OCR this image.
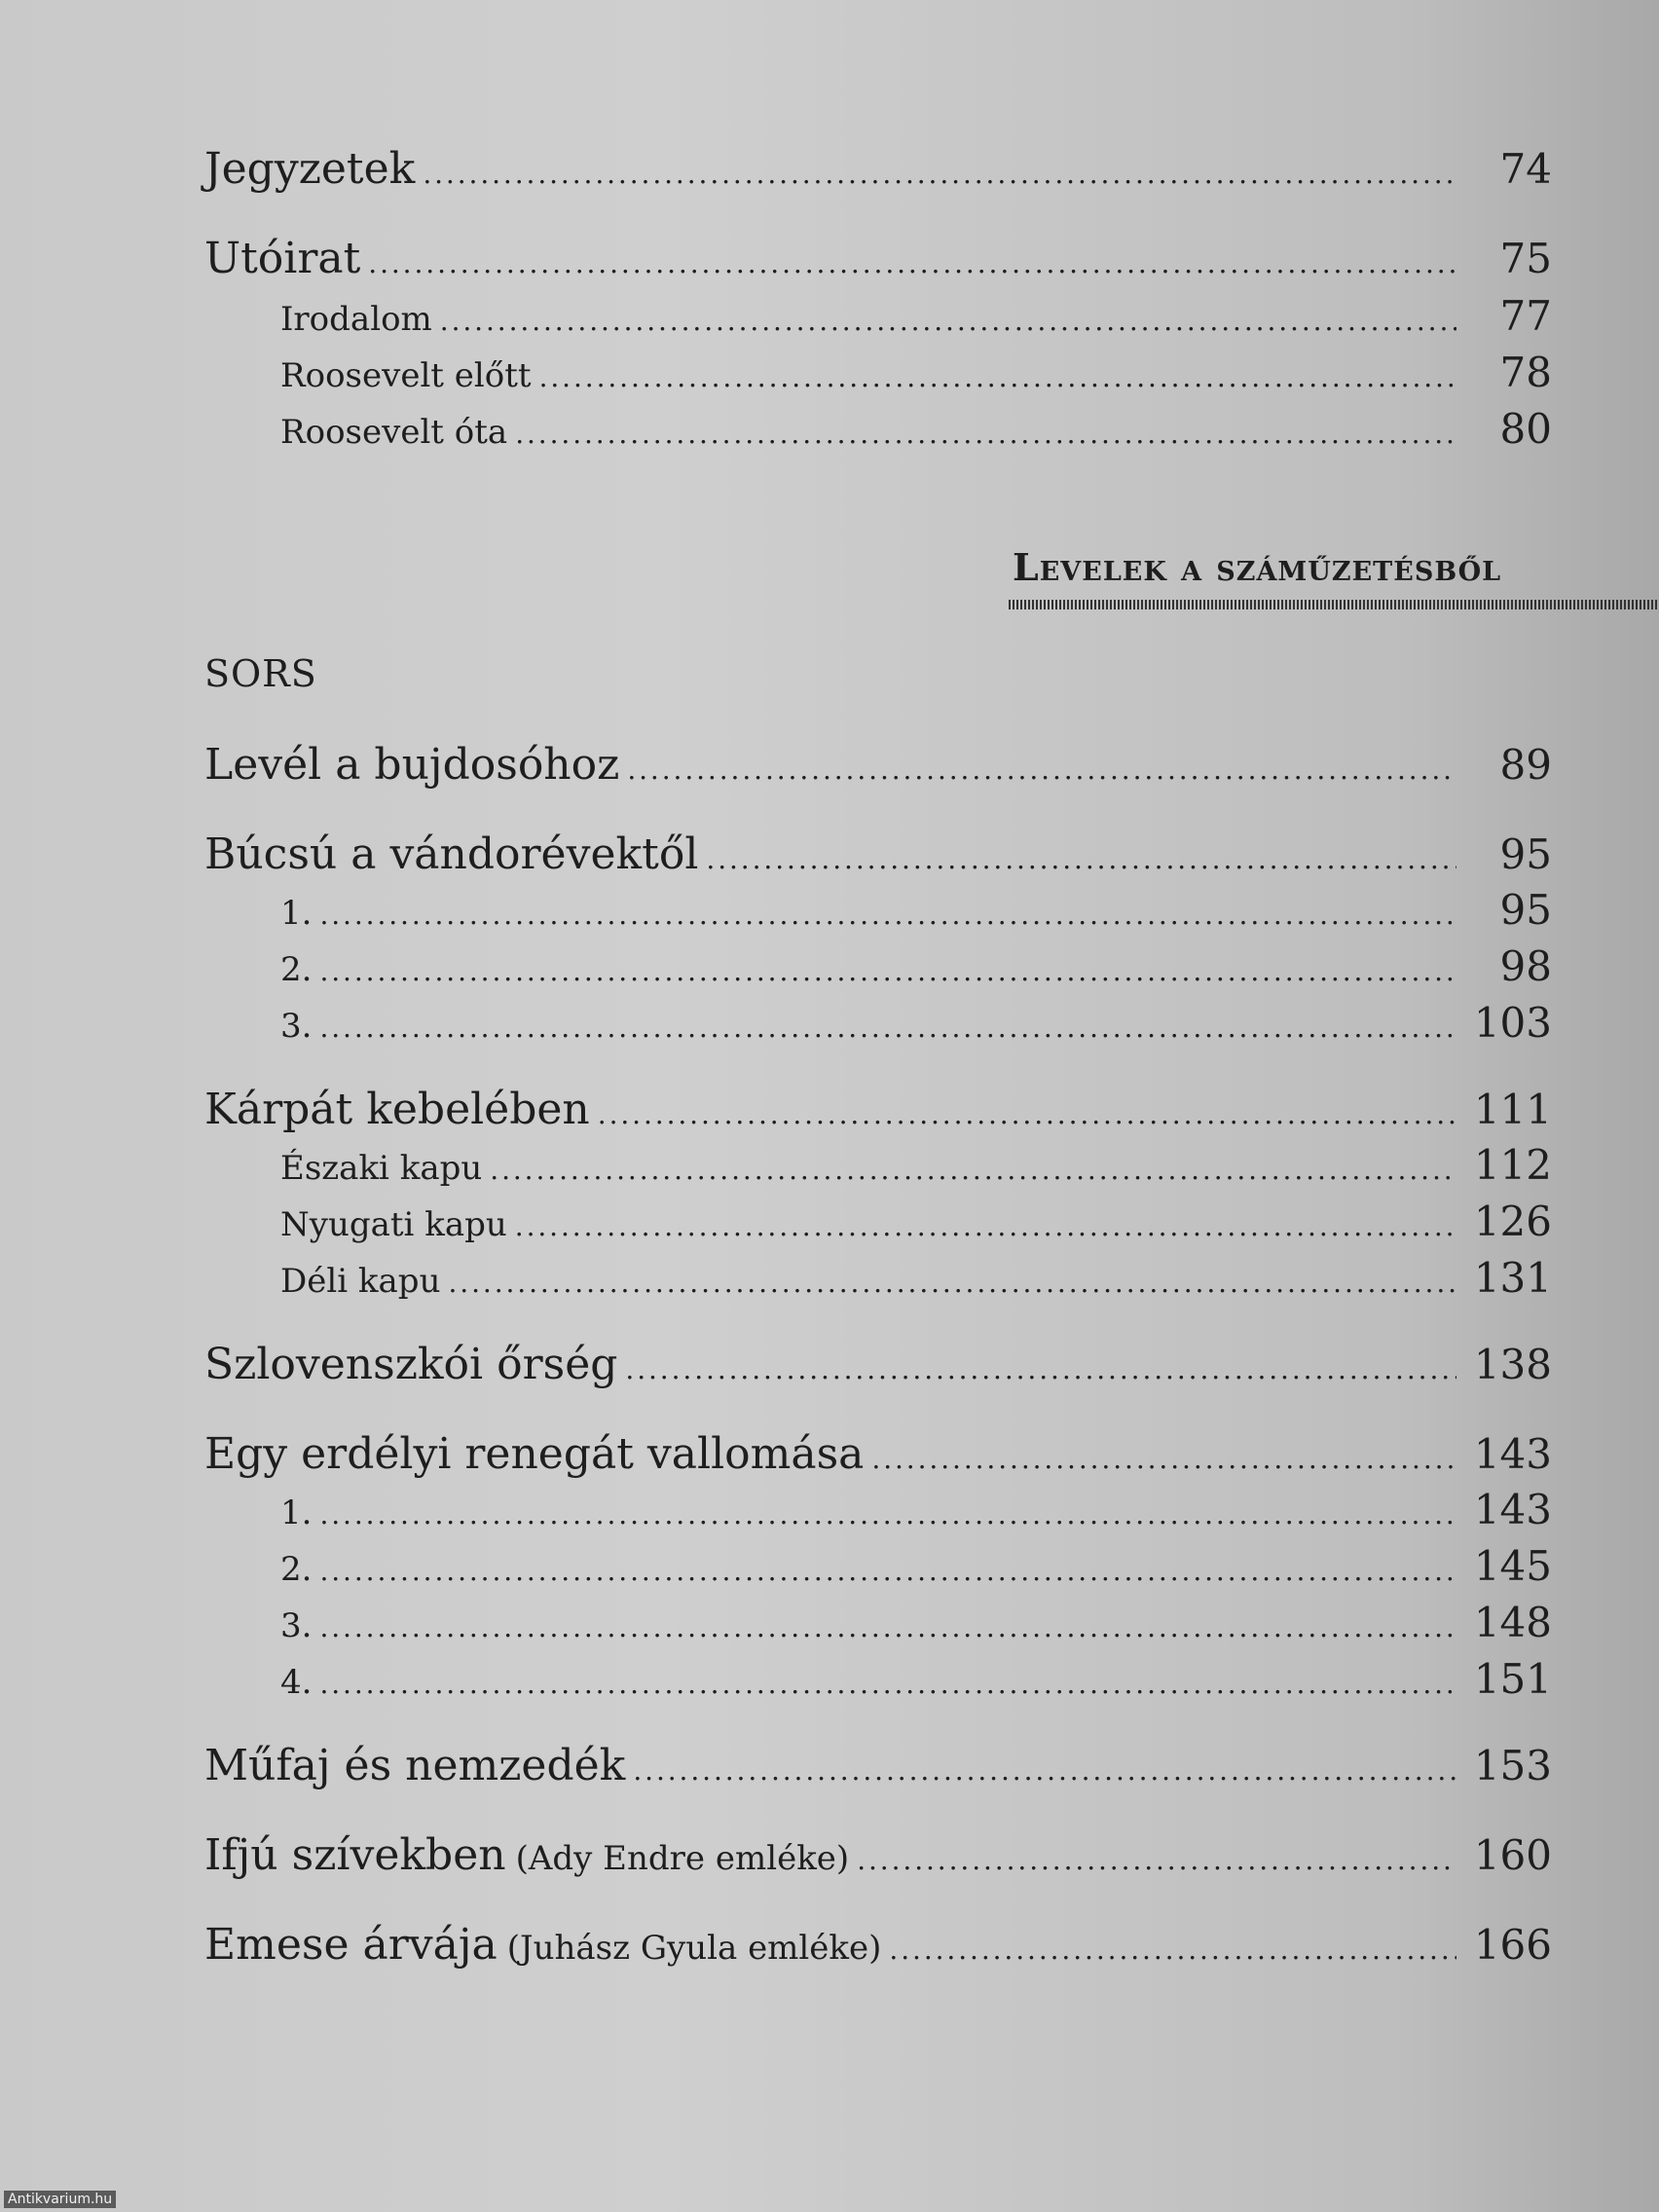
Jegyzetek . . .	74
Utóirat . . .	75
Irodalom . . .	77
Roosevelt előtt . . .	78
Roosevelt óta . . .	80
Levelek a száműzetésből
SORS
Levél a bujdosóhoz . . .	89
Búcsú a vándorévektől . . .	95
1. . . .	95
2. . . .	98
3. . . .	103
Kárpát kebelében . . .	111
Északi kapu . . .	112
Nyugati kapu . . .	126
Déli kapu . . .	131
Szlovenszkói őrség . . .	138
Egy erdélyi renegát vallomása . . .	143
1. . . .	143
2. . . .	145
3. . . .	148
4. . . .	151
Műfaj és nemzedék . . .	153
Ifjú szívekben (Ady Endre emléke) . . .	160
Emese árvája (Juhász Gyula emléke) . . .	166
Antikvarium.hu
